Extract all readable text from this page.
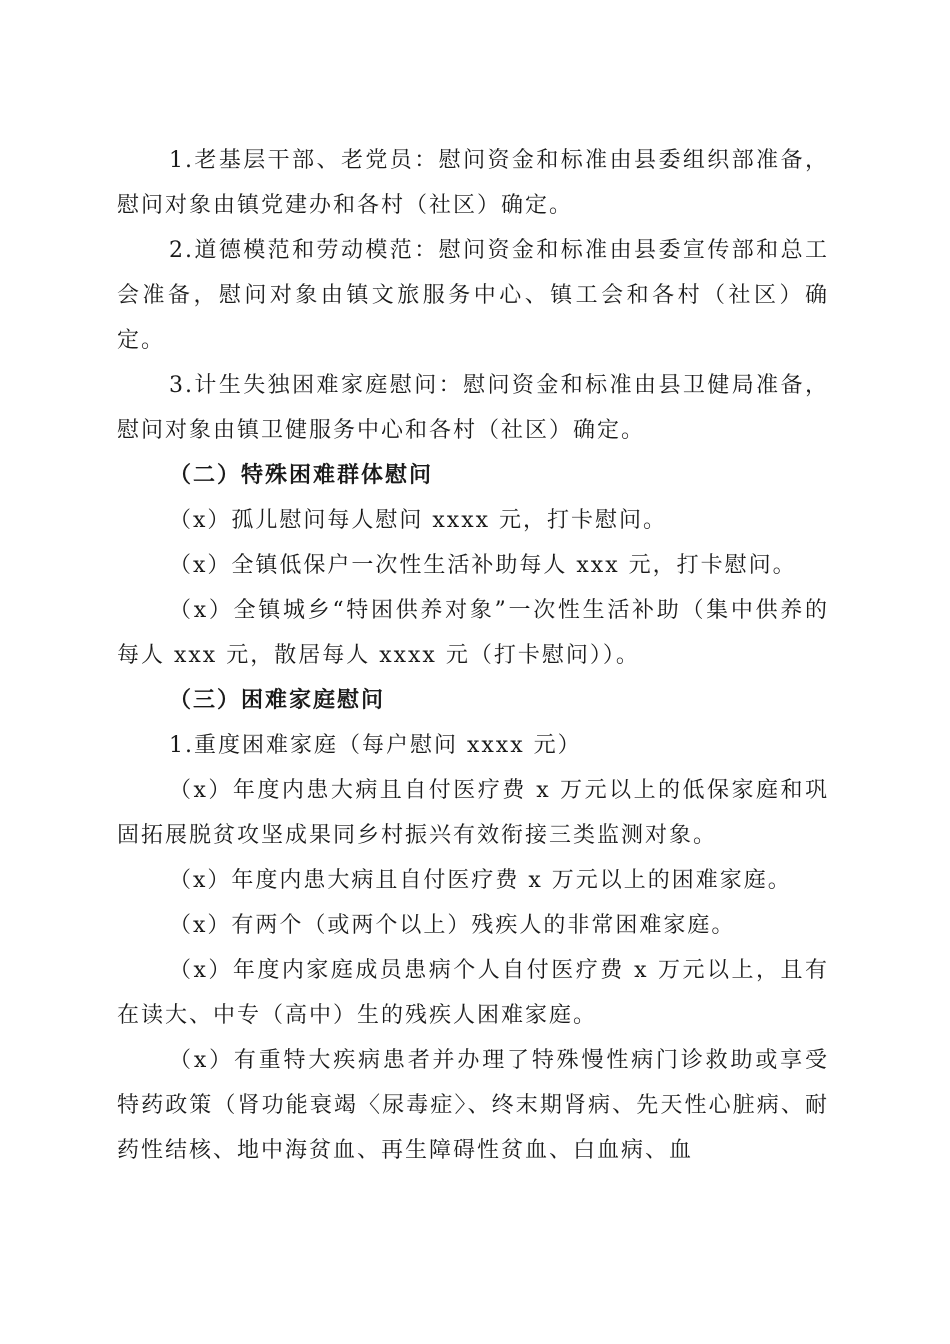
1.老基层干部、老党员：慰问资金和标准由县委组织部准备，慰问对象由镇党建办和各村（社区）确定。

2.道德模范和劳动模范：慰问资金和标准由县委宣传部和总工会准备，慰问对象由镇文旅服务中心、镇工会和各村（社区）确定。

3.计生失独困难家庭慰问：慰问资金和标准由县卫健局准备，慰问对象由镇卫健服务中心和各村（社区）确定。

（二）特殊困难群体慰问

（x）孤儿慰问每人慰问 xxxx 元，打卡慰问。

（x）全镇低保户一次性生活补助每人 xxx 元，打卡慰问。

（x）全镇城乡“特困供养对象”一次性生活补助（集中供养的每人 xxx 元，散居每人 xxxx 元（打卡慰问））。

（三）困难家庭慰问

1.重度困难家庭（每户慰问 xxxx 元）

（x）年度内患大病且自付医疗费 x 万元以上的低保家庭和巩固拓展脱贫攻坚成果同乡村振兴有效衔接三类监测对象。

（x）年度内患大病且自付医疗费 x 万元以上的困难家庭。

（x）有两个（或两个以上）残疾人的非常困难家庭。

（x）年度内家庭成员患病个人自付医疗费 x 万元以上，且有在读大、中专（高中）生的残疾人困难家庭。

（x）有重特大疾病患者并办理了特殊慢性病门诊救助或享受特药政策（肾功能衰竭〈尿毒症〉、终末期肾病、先天性心脏病、耐药性结核、地中海贫血、再生障碍性贫血、白血病、血
